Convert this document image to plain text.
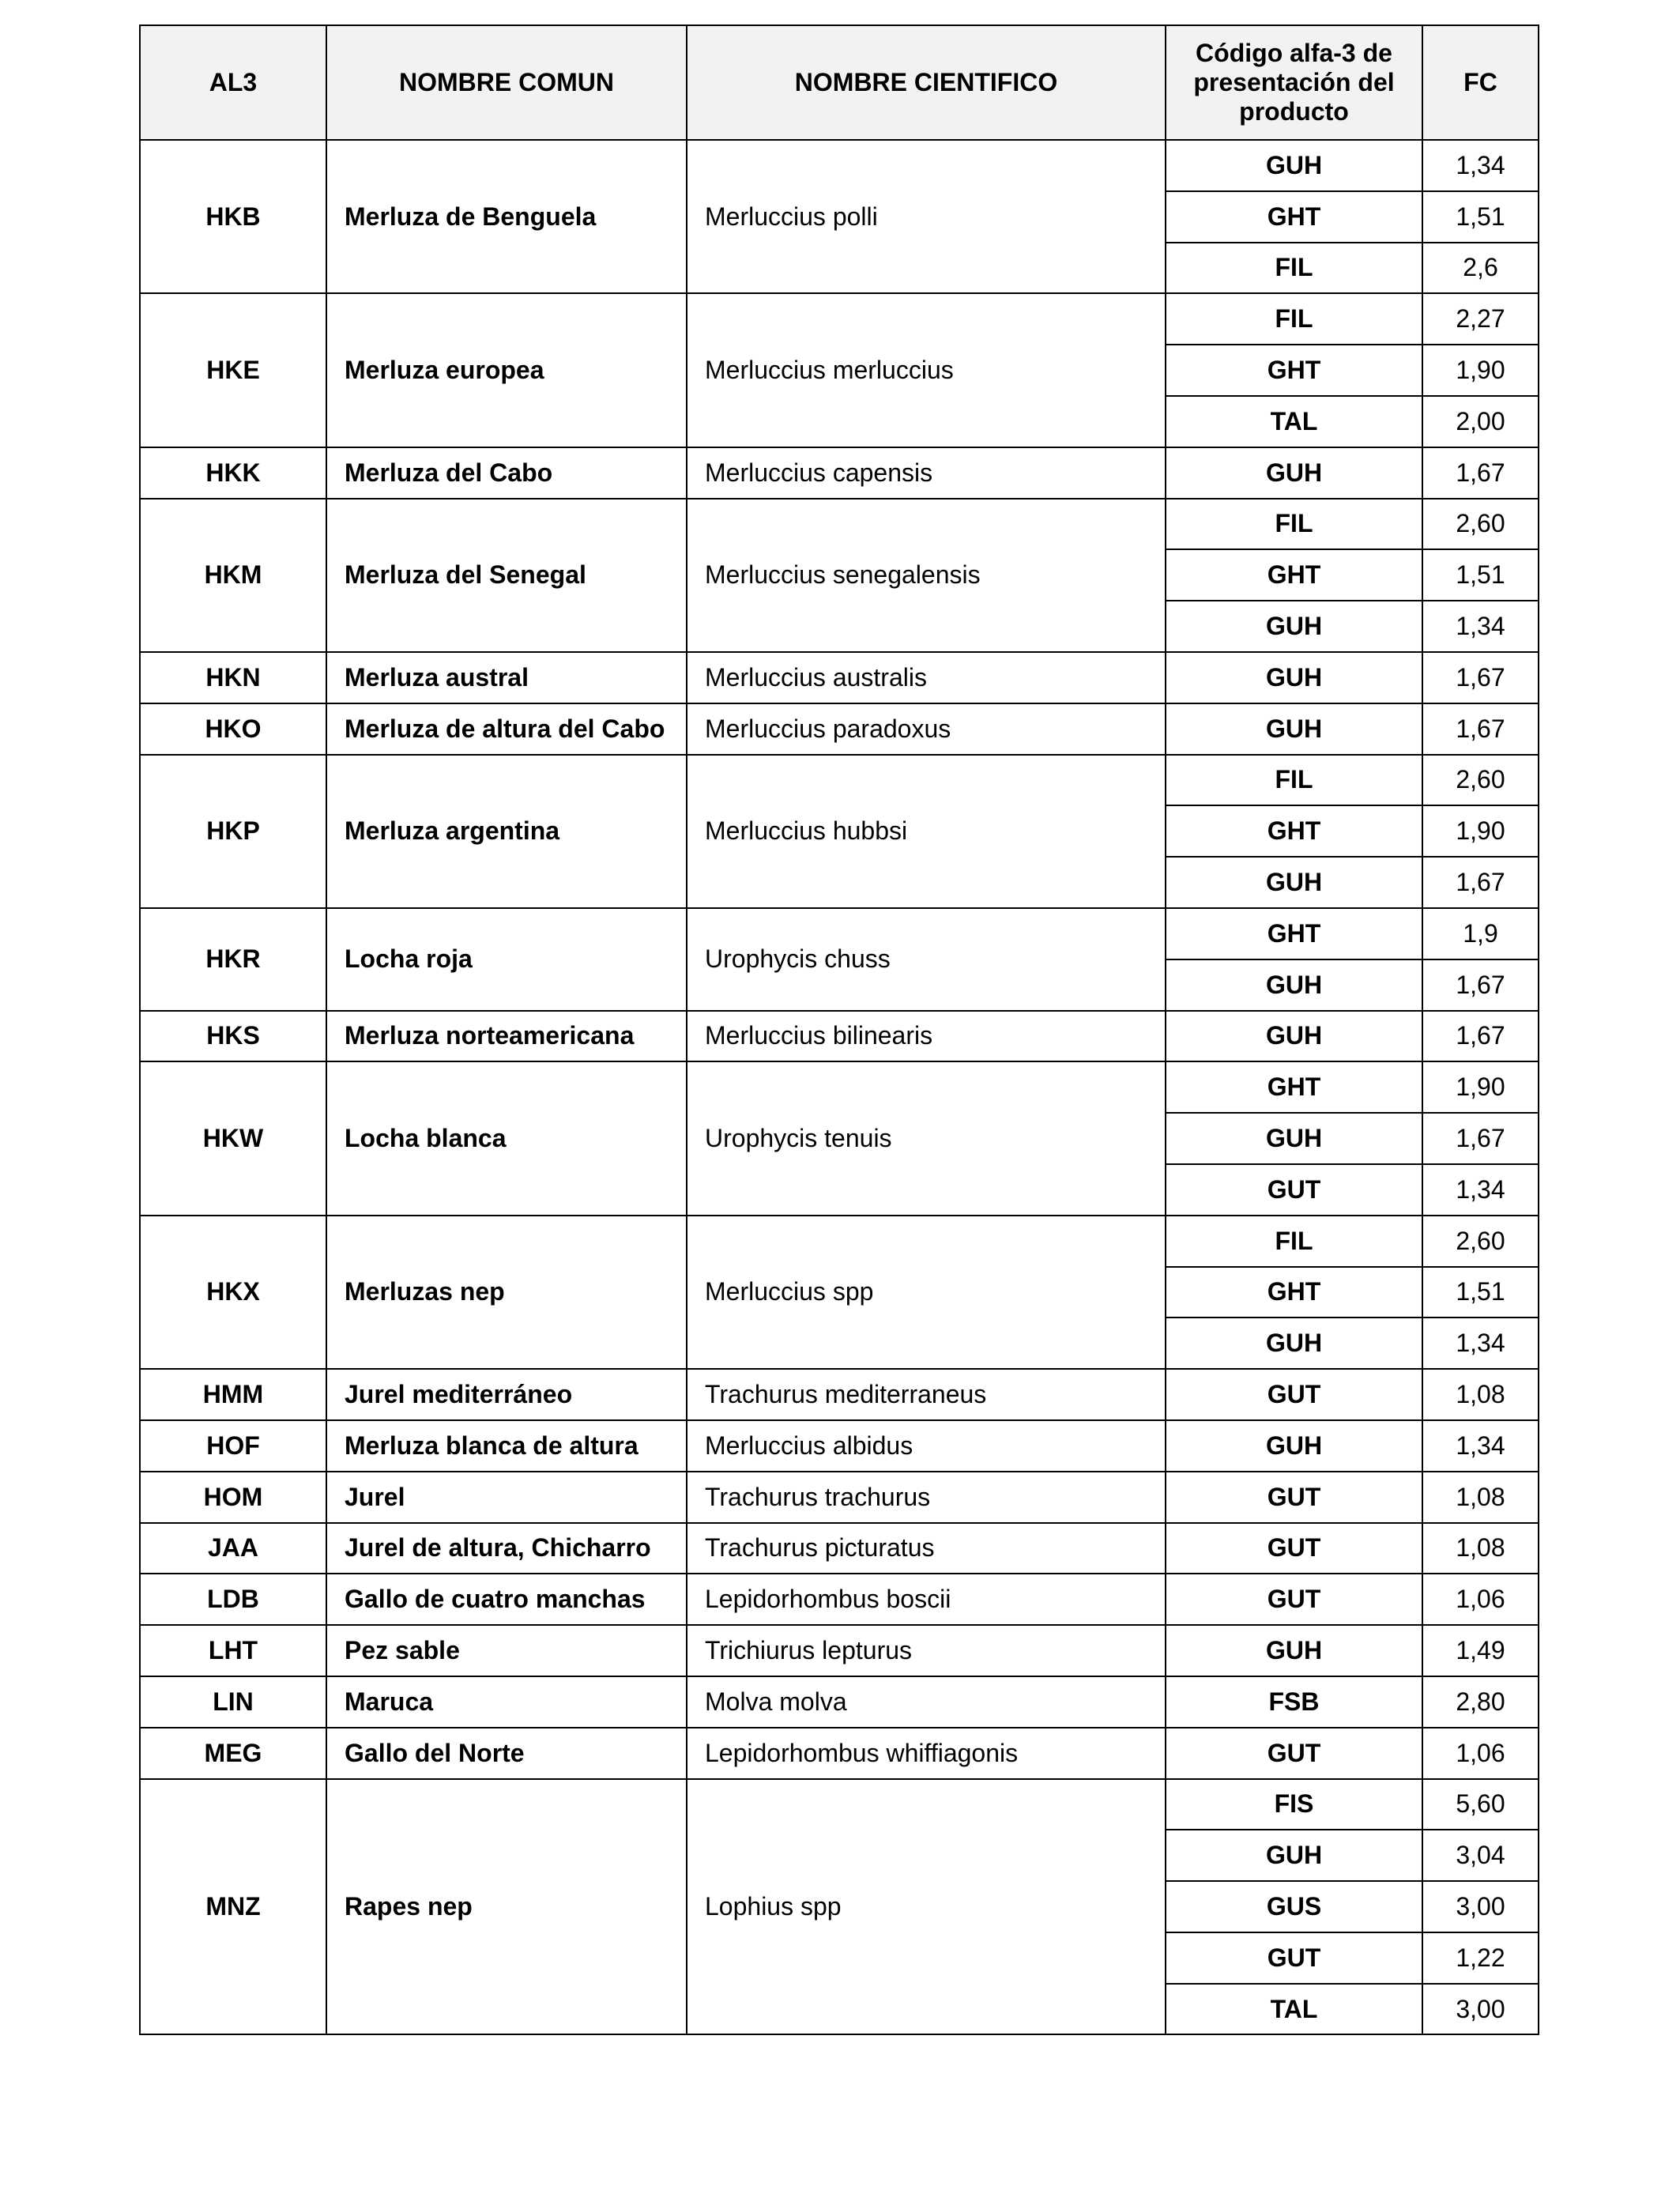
AL3	NOMBRE COMUN	NOMBRE CIENTIFICO	Código alfa-3 de presentación del producto	FC
HKB	Merluza de Benguela	Merluccius polli	GUH	1,34
			GHT	1,51
			FIL	2,6
HKE	Merluza europea	Merluccius merluccius	FIL	2,27
			GHT	1,90
			TAL	2,00
HKK	Merluza del Cabo	Merluccius capensis	GUH	1,67
HKM	Merluza del Senegal	Merluccius senegalensis	FIL	2,60
			GHT	1,51
			GUH	1,34
HKN	Merluza austral	Merluccius australis	GUH	1,67
HKO	Merluza de altura del Cabo	Merluccius paradoxus	GUH	1,67
HKP	Merluza argentina	Merluccius hubbsi	FIL	2,60
			GHT	1,90
			GUH	1,67
HKR	Locha roja	Urophycis chuss	GHT	1,9
			GUH	1,67
HKS	Merluza norteamericana	Merluccius bilinearis	GUH	1,67
HKW	Locha blanca	Urophycis tenuis	GHT	1,90
			GUH	1,67
			GUT	1,34
HKX	Merluzas nep	Merluccius spp	FIL	2,60
			GHT	1,51
			GUH	1,34
HMM	Jurel mediterráneo	Trachurus mediterraneus	GUT	1,08
HOF	Merluza blanca de altura	Merluccius albidus	GUH	1,34
HOM	Jurel	Trachurus trachurus	GUT	1,08
JAA	Jurel de altura, Chicharro	Trachurus picturatus	GUT	1,08
LDB	Gallo de cuatro manchas	Lepidorhombus boscii	GUT	1,06
LHT	Pez sable	Trichiurus lepturus	GUH	1,49
LIN	Maruca	Molva molva	FSB	2,80
MEG	Gallo del Norte	Lepidorhombus whiffiagonis	GUT	1,06
MNZ	Rapes nep	Lophius spp	FIS	5,60
			GUH	3,04
			GUS	3,00
			GUT	1,22
			TAL	3,00
